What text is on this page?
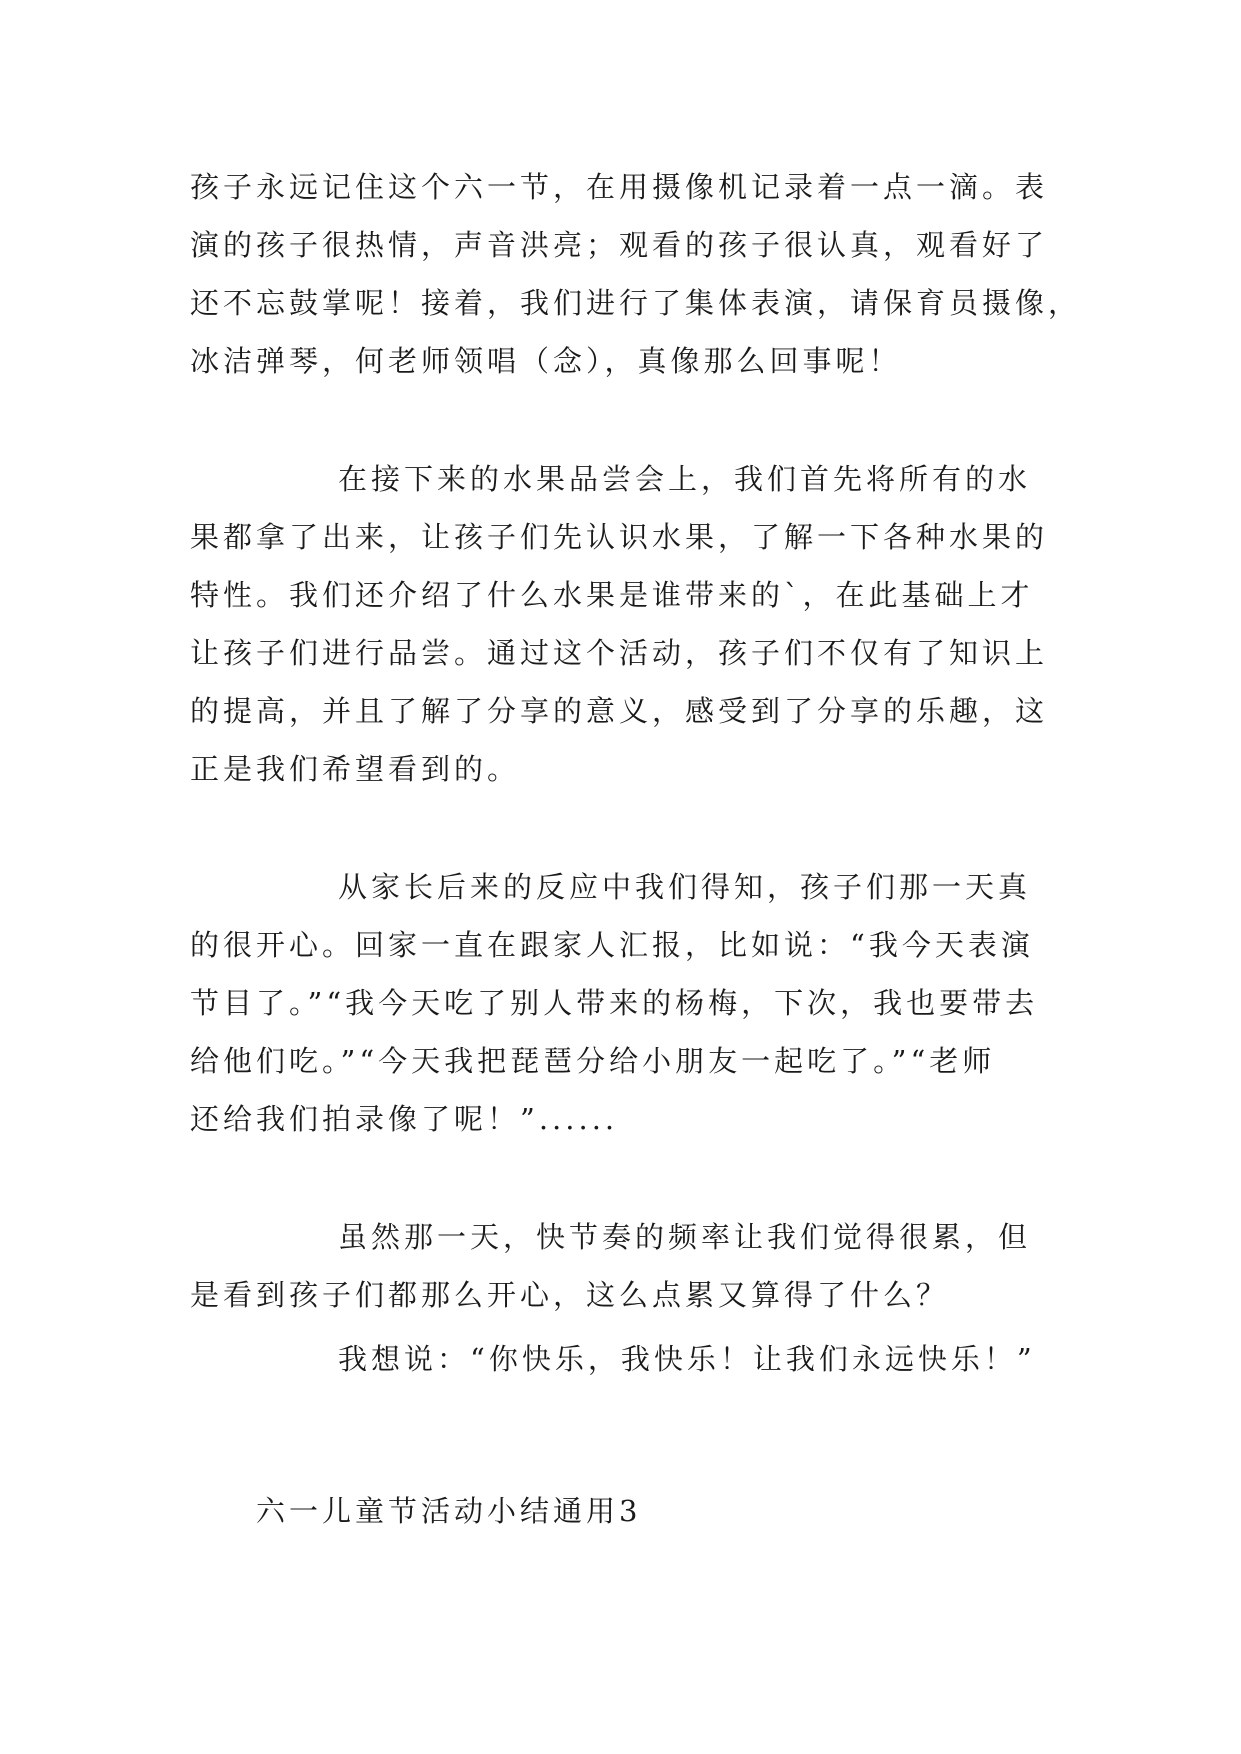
孩子永远记住这个六一节，在用摄像机记录着一点一滴。表
演的孩子很热情，声音洪亮；观看的孩子很认真，观看好了
还不忘鼓掌呢！接着，我们进行了集体表演，请保育员摄像，
冰洁弹琴，何老师领唱（念），真像那么回事呢！

在接下来的水果品尝会上，我们首先将所有的水
果都拿了出来，让孩子们先认识水果，了解一下各种水果的
特性。我们还介绍了什么水果是谁带来的`，在此基础上才
让孩子们进行品尝。通过这个活动，孩子们不仅有了知识上
的提高，并且了解了分享的意义，感受到了分享的乐趣，这
正是我们希望看到的。

从家长后来的反应中我们得知，孩子们那一天真
的很开心。回家一直在跟家人汇报，比如说：“我今天表演
节目了。”“我今天吃了别人带来的杨梅，下次，我也要带去
给他们吃。”“今天我把琵琶分给小朋友一起吃了。”“老师
还给我们拍录像了呢！”......

虽然那一天，快节奏的频率让我们觉得很累，但
是看到孩子们都那么开心，这么点累又算得了什么？

我想说：“你快乐，我快乐！让我们永远快乐！”

六一儿童节活动小结通用3
